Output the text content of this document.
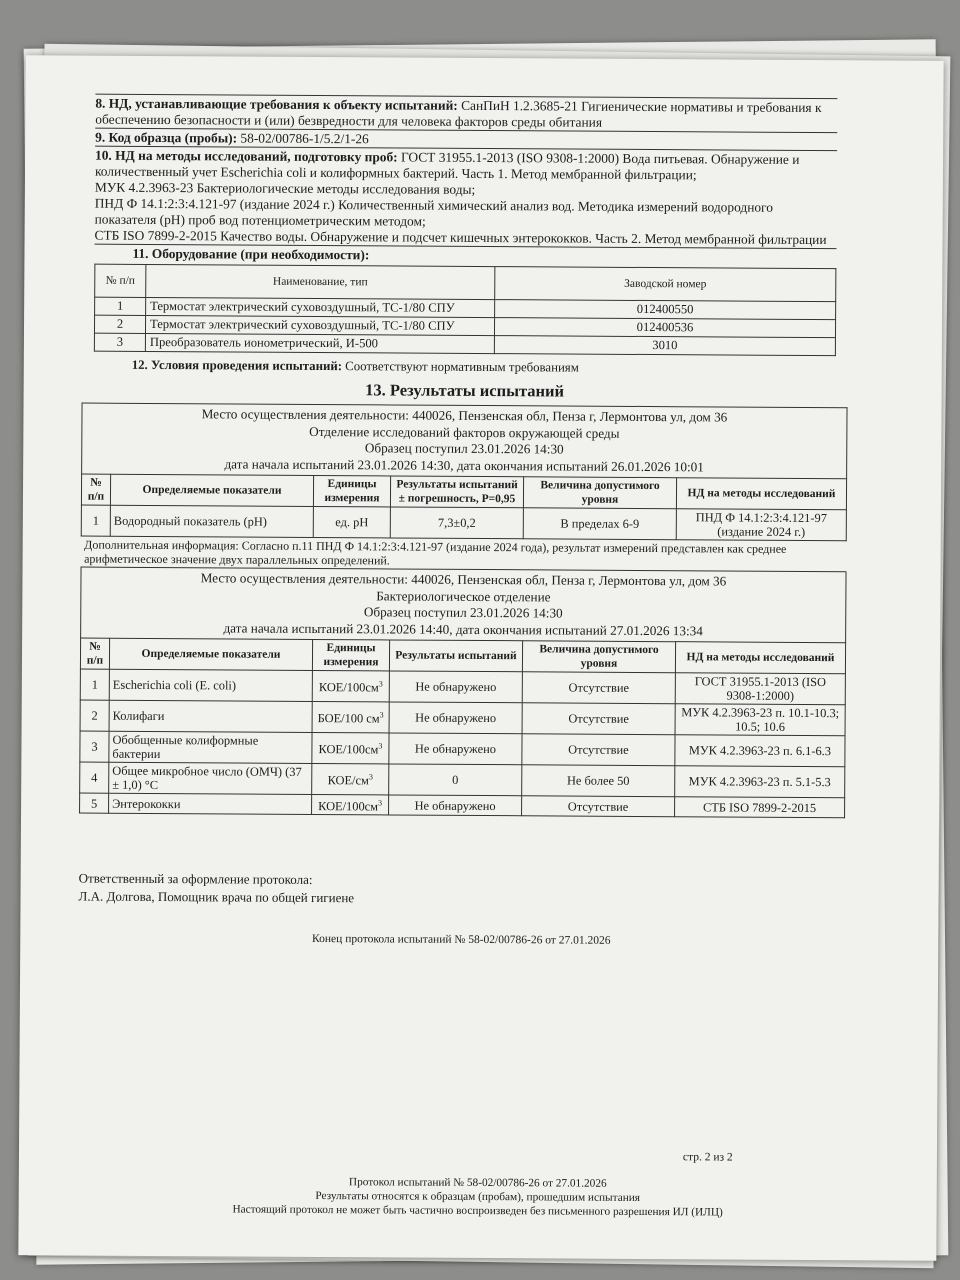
8. НД, устанавливающие требования к объекту испытаний: СанПиН 1.2.3685-21 Гигиенические нормативы и требования к обеспечению безопасности и (или) безвредности для человека факторов среды обитания
9. Код образца (пробы): 58-02/00786-1/5.2/1-26
10. НД на методы исследований, подготовку проб: ГОСТ 31955.1-2013 (ISO 9308-1:2000) Вода питьевая. Обнаружение и количественный учет Escherichia coli и колиформных бактерий. Часть 1. Метод мембранной фильтрации;
МУК 4.2.3963-23 Бактериологические методы исследования воды;
ПНД Ф 14.1:2:3:4.121-97 (издание 2024 г.) Количественный химический анализ вод. Методика измерений водородного показателя (pH) проб вод потенциометрическим методом;
СТБ ISO 7899-2-2015 Качество воды. Обнаружение и подсчет кишечных энтерококков. Часть 2. Метод мембранной фильтрации
11. Оборудование (при необходимости):
№ п/п	Наименование, тип	Заводской номер
1	Термостат электрический суховоздушный, ТС-1/80 СПУ	012400550
2	Термостат электрический суховоздушный, ТС-1/80 СПУ	012400536
3	Преобразователь ионометрический, И-500	3010
12. Условия проведения испытаний: Соответствуют нормативным требованиям
13. Результаты испытаний
Место осуществления деятельности: 440026, Пензенская обл, Пенза г, Лермонтова ул, дом 36
Отделение исследований факторов окружающей среды
Образец поступил 23.01.2026 14:30
дата начала испытаний 23.01.2026 14:30, дата окончания испытаний 26.01.2026 10:01					

№ п/п	Определяемые показатели	Единицы измерения	Результаты испытаний ± погрешность, P=0,95	Величина допустимого уровня	НД на методы исследований
1	Водородный показатель (pH)	ед. pH	7,3±0,2	В пределах 6-9	ПНД Ф 14.1:2:3:4.121-97 (издание 2024 г.)
Дополнительная информация: Согласно п.11 ПНД Ф 14.1:2:3:4.121-97 (издание 2024 года), результат измерений представлен как среднее арифметическое значение двух параллельных определений.					

Место осуществления деятельности: 440026, Пензенская обл, Пенза г, Лермонтова ул, дом 36
Бактериологическое отделение
Образец поступил 23.01.2026 14:30
дата начала испытаний 23.01.2026 14:40, дата окончания испытаний 27.01.2026 13:34					

№ п/п	Определяемые показатели	Единицы измерения	Результаты испытаний	Величина допустимого уровня	НД на методы исследований
1	Escherichia coli (E. coli)	КОЕ/$100см^3$	Не обнаружено	Отсутствие	ГОСТ 31955.1-2013 (ISO 9308-1:2000)
2	Колифаги	БОЕ/100 $см^3$	Не обнаружено	Отсутствие	МУК 4.2.3963-23 п. 10.1-10.3; 10.5; 10.6
3	Обобщенные колиформные бактерии	КОЕ/$100см^3$	Не обнаружено	Отсутствие	МУК 4.2.3963-23 п. 6.1-6.3
4	Общее микробное число (ОМЧ) (37 ± 1,0) °С	КОЕ/$см^3$	0	Не более 50	МУК 4.2.3963-23 п. 5.1-5.3
5	Энтерококки	КОЕ/$100см^3$	Не обнаружено	Отсутствие	СТБ ISO 7899-2-2015
Ответственный за оформление протокола:
Л.А. Долгова, Помощник врача по общей гигиене
Конец протокола испытаний № 58-02/00786-26 от 27.01.2026
стр. 2 из 2
Протокол испытаний № 58-02/00786-26 от 27.01.2026
Результаты относятся к образцам (пробам), прошедшим испытания
Настоящий протокол не может быть частично воспроизведен без письменного разрешения ИЛ (ИЛЦ)
